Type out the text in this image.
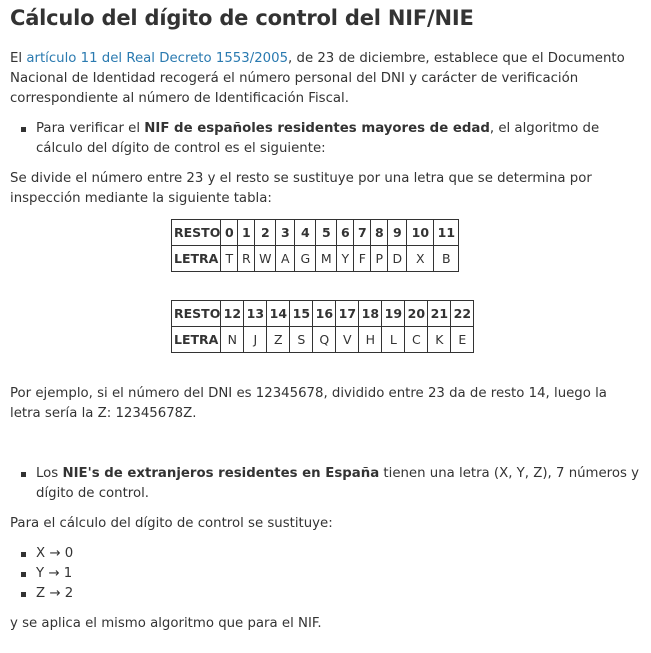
Cálculo del dígito de control del NIF/NIE

El artículo 11 del Real Decreto 1553/2005, de 23 de diciembre, establece que el Documento Nacional de Identidad recogerá el número personal del DNI y carácter de verificación correspondiente al número de Identificación Fiscal.

Para verificar el NIF de españoles residentes mayores de edad, el algoritmo de cálculo del dígito de control es el siguiente:

Se divide el número entre 23 y el resto se sustituye por una letra que se determina por inspección mediante la siguiente tabla:

RESTO	0	1	2	3	4	5	6	7	8	9	10	11
LETRA	T	R	W	A	G	M	Y	F	P	D	X	B
RESTO	12	13	14	15	16	17	18	19	20	21	22
LETRA	N	J	Z	S	Q	V	H	L	C	K	E

Por ejemplo, si el número del DNI es 12345678, dividido entre 23 da de resto 14, luego la letra sería la Z: 12345678Z.

Los NIE's de extranjeros residentes en España tienen una letra (X, Y, Z), 7 números y dígito de control.

Para el cálculo del dígito de control se sustituye:

X → 0
Y → 1
Z → 2

y se aplica el mismo algoritmo que para el NIF.
